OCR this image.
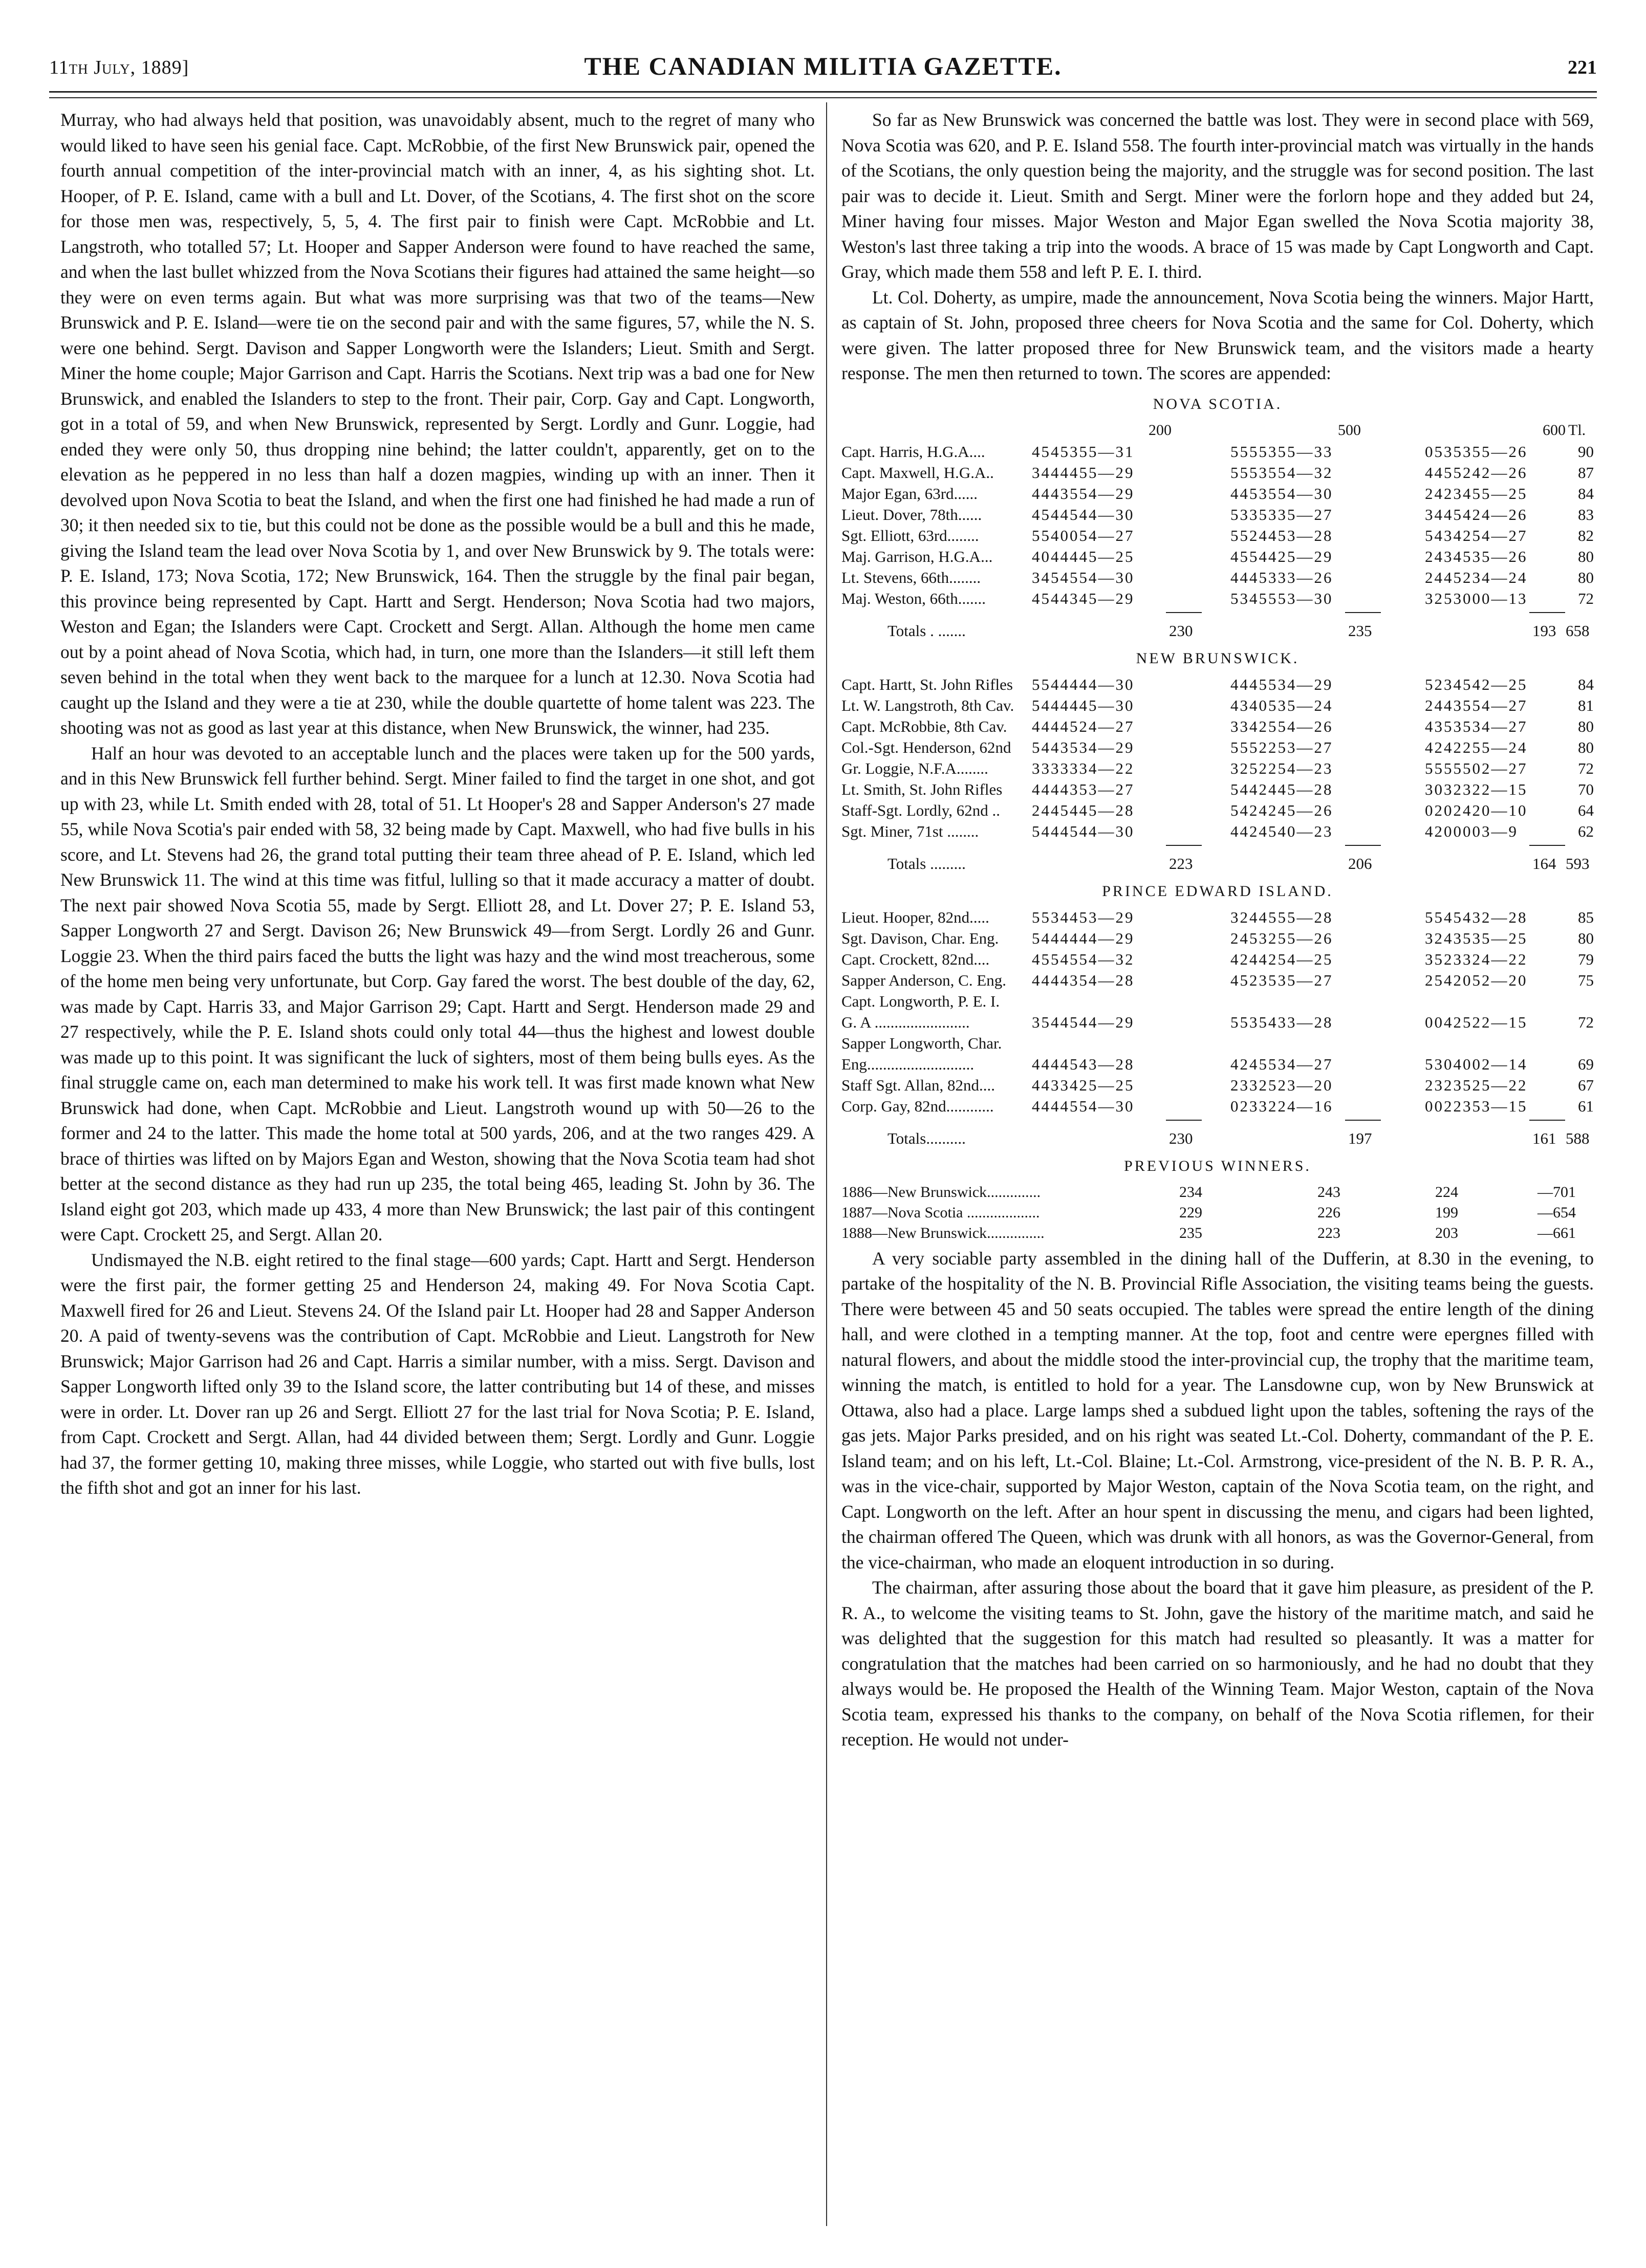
11th July, 1889]	THE CANADIAN MILITIA GAZETTE.	221

Murray, who had always held that position, was unavoidably absent, much to the regret of many who would liked to have seen his genial face. Capt. McRobbie, of the first New Brunswick pair, opened the fourth annual competition of the inter-provincial match with an inner, 4, as his sighting shot. Lt. Hooper, of P. E. Island, came with a bull and Lt. Dover, of the Scotians, 4. The first shot on the score for those men was, respectively, 5, 5, 4. The first pair to finish were Capt. McRobbie and Lt. Langstroth, who totalled 57; Lt. Hooper and Sapper Anderson were found to have reached the same, and when the last bullet whizzed from the Nova Scotians their figures had attained the same height—so they were on even terms again. But what was more surprising was that two of the teams—New Brunswick and P. E. Island—were tie on the second pair and with the same figures, 57, while the N. S. were one behind. Sergt. Davison and Sapper Longworth were the Islanders; Lieut. Smith and Sergt. Miner the home couple; Major Garrison and Capt. Harris the Scotians. Next trip was a bad one for New Brunswick, and enabled the Islanders to step to the front. Their pair, Corp. Gay and Capt. Longworth, got in a total of 59, and when New Brunswick, represented by Sergt. Lordly and Gunr. Loggie, had ended they were only 50, thus dropping nine behind; the latter couldn't, apparently, get on to the elevation as he peppered in no less than half a dozen magpies, winding up with an inner. Then it devolved upon Nova Scotia to beat the Island, and when the first one had finished he had made a run of 30; it then needed six to tie, but this could not be done as the possible would be a bull and this he made, giving the Island team the lead over Nova Scotia by 1, and over New Brunswick by 9. The totals were: P. E. Island, 173; Nova Scotia, 172; New Brunswick, 164. Then the struggle by the final pair began, this province being represented by Capt. Hartt and Sergt. Henderson; Nova Scotia had two majors, Weston and Egan; the Islanders were Capt. Crockett and Sergt. Allan. Although the home men came out by a point ahead of Nova Scotia, which had, in turn, one more than the Islanders—it still left them seven behind in the total when they went back to the marquee for a lunch at 12.30. Nova Scotia had caught up the Island and they were a tie at 230, while the double quartette of home talent was 223. The shooting was not as good as last year at this distance, when New Brunswick, the winner, had 235.

Half an hour was devoted to an acceptable lunch and the places were taken up for the 500 yards, and in this New Brunswick fell further behind. Sergt. Miner failed to find the target in one shot, and got up with 23, while Lt. Smith ended with 28, total of 51. Lt Hooper's 28 and Sapper Anderson's 27 made 55, while Nova Scotia's pair ended with 58, 32 being made by Capt. Maxwell, who had five bulls in his score, and Lt. Stevens had 26, the grand total putting their team three ahead of P. E. Island, which led New Brunswick 11. The wind at this time was fitful, lulling so that it made accuracy a matter of doubt. The next pair showed Nova Scotia 55, made by Sergt. Elliott 28, and Lt. Dover 27; P. E. Island 53, Sapper Longworth 27 and Sergt. Davison 26; New Brunswick 49—from Sergt. Lordly 26 and Gunr. Loggie 23. When the third pairs faced the butts the light was hazy and the wind most treacherous, some of the home men being very unfortunate, but Corp. Gay fared the worst. The best double of the day, 62, was made by Capt. Harris 33, and Major Garrison 29; Capt. Hartt and Sergt. Henderson made 29 and 27 respectively, while the P. E. Island shots could only total 44—thus the highest and lowest double was made up to this point. It was significant the luck of sighters, most of them being bulls eyes. As the final struggle came on, each man determined to make his work tell. It was first made known what New Brunswick had done, when Capt. McRobbie and Lieut. Langstroth wound up with 50—26 to the former and 24 to the latter. This made the home total at 500 yards, 206, and at the two ranges 429. A brace of thirties was lifted on by Majors Egan and Weston, showing that the Nova Scotia team had shot better at the second distance as they had run up 235, the total being 465, leading St. John by 36. The Island eight got 203, which made up 433, 4 more than New Brunswick; the last pair of this contingent were Capt. Crockett 25, and Sergt. Allan 20.

Undismayed the N.B. eight retired to the final stage—600 yards; Capt. Hartt and Sergt. Henderson were the first pair, the former getting 25 and Henderson 24, making 49. For Nova Scotia Capt. Maxwell fired for 26 and Lieut. Stevens 24. Of the Island pair Lt. Hooper had 28 and Sapper Anderson 20. A paid of twenty-sevens was the contribution of Capt. McRobbie and Lieut. Langstroth for New Brunswick; Major Garrison had 26 and Capt. Harris a similar number, with a miss. Sergt. Davison and Sapper Longworth lifted only 39 to the Island score, the latter contributing but 14 of these, and misses were in order. Lt. Dover ran up 26 and Sergt. Elliott 27 for the last trial for Nova Scotia; P. E. Island, from Capt. Crockett and Sergt. Allan, had 44 divided between them; Sergt. Lordly and Gunr. Loggie had 37, the former getting 10, making three misses, while Loggie, who started out with five bulls, lost the fifth shot and got an inner for his last.

So far as New Brunswick was concerned the battle was lost. They were in second place with 569, Nova Scotia was 620, and P. E. Island 558. The fourth inter-provincial match was virtually in the hands of the Scotians, the only question being the majority, and the struggle was for second position. The last pair was to decide it. Lieut. Smith and Sergt. Miner were the forlorn hope and they added but 24, Miner having four misses. Major Weston and Major Egan swelled the Nova Scotia majority 38, Weston's last three taking a trip into the woods. A brace of 15 was made by Capt Longworth and Capt. Gray, which made them 558 and left P. E. I. third.

Lt. Col. Doherty, as umpire, made the announcement, Nova Scotia being the winners. Major Hartt, as captain of St. John, proposed three cheers for Nova Scotia and the same for Col. Doherty, which were given. The latter proposed three for New Brunswick team, and the visitors made a hearty response. The men then returned to town. The scores are appended:

NOVA SCOTIA.
200	500	600 Tl.
Capt. Harris, H.G.A....	4545355—31	5555355—33	0535355—26	90
Capt. Maxwell, H.G.A..	3444455—29	5553554—32	4455242—26	87
Major Egan, 63rd......	4443554—29	4453554—30	2423455—25	84
Lieut. Dover, 78th......	4544544—30	5335335—27	3445424—26	83
Sgt. Elliott, 63rd........	5540054—27	5524453—28	5434254—27	82
Maj. Garrison, H.G.A...	4044445—25	4554425—29	2434535—26	80
Lt. Stevens, 66th........	3454554—30	4445333—26	2445234—24	80
Maj. Weston, 66th.......	4544345—29	5345553—30	3253000—13	72
Totals . .......	230	235	193 658
NEW BRUNSWICK.
Capt. Hartt, St. John Rifles	5544444—30	4445534—29	5234542—25	84
Lt. W. Langstroth, 8th Cav.	5444445—30	4340535—24	2443554—27	81
Capt. McRobbie, 8th Cav.	4444524—27	3342554—26	4353534—27	80
Col.-Sgt. Henderson, 62nd	5443534—29	5552253—27	4242255—24	80
Gr. Loggie, N.F.A........	3333334—22	3252254—23	5555502—27	72
Lt. Smith, St. John Rifles	4444353—27	5442445—28	3032322—15	70
Staff-Sgt. Lordly, 62nd ..	2445445—28	5424245—26	0202420—10	64
Sgt. Miner, 71st ........	5444544—30	4424540—23	4200003—9	62
Totals .........	223	206	164 593
PRINCE EDWARD ISLAND.
Lieut. Hooper, 82nd.....	5534453—29	3244555—28	5545432—28	85
Sgt. Davison, Char. Eng.	5444444—29	2453255—26	3243535—25	80
Capt. Crockett, 82nd....	4554554—32	4244254—25	3523324—22	79
Sapper Anderson, C. Eng.	4444354—28	4523535—27	2542052—20	75
Capt. Longworth, P. E. I.
G. A ........................	3544544—29	5535433—28	0042522—15	72
Sapper Longworth, Char.
Eng...........................	4444543—28	4245534—27	5304002—14	69
Staff Sgt. Allan, 82nd....	4433425—25	2332523—20	2323525—22	67
Corp. Gay, 82nd............	4444554—30	0233224—16	0022353—15	61
Totals..........	230	197	161 588
PREVIOUS WINNERS.
1886—New Brunswick..............	234	243	224	—701
1887—Nova Scotia ...................	229	226	199	—654
1888—New Brunswick...............	235	223	203	—661

A very sociable party assembled in the dining hall of the Dufferin, at 8.30 in the evening, to partake of the hospitality of the N. B. Provincial Rifle Association, the visiting teams being the guests. There were between 45 and 50 seats occupied. The tables were spread the entire length of the dining hall, and were clothed in a tempting manner. At the top, foot and centre were epergnes filled with natural flowers, and about the middle stood the inter-provincial cup, the trophy that the maritime team, winning the match, is entitled to hold for a year. The Lansdowne cup, won by New Brunswick at Ottawa, also had a place. Large lamps shed a subdued light upon the tables, softening the rays of the gas jets. Major Parks presided, and on his right was seated Lt.-Col. Doherty, commandant of the P. E. Island team; and on his left, Lt.-Col. Blaine; Lt.-Col. Armstrong, vice-president of the N. B. P. R. A., was in the vice-chair, supported by Major Weston, captain of the Nova Scotia team, on the right, and Capt. Longworth on the left. After an hour spent in discussing the menu, and cigars had been lighted, the chairman offered The Queen, which was drunk with all honors, as was the Governor-General, from the vice-chairman, who made an eloquent introduction in so during.

The chairman, after assuring those about the board that it gave him pleasure, as president of the P. R. A., to welcome the visiting teams to St. John, gave the history of the maritime match, and said he was delighted that the suggestion for this match had resulted so pleasantly. It was a matter for congratulation that the matches had been carried on so harmoniously, and he had no doubt that they always would be. He proposed the Health of the Winning Team. Major Weston, captain of the Nova Scotia team, expressed his thanks to the company, on behalf of the Nova Scotia riflemen, for their reception. He would not under-
